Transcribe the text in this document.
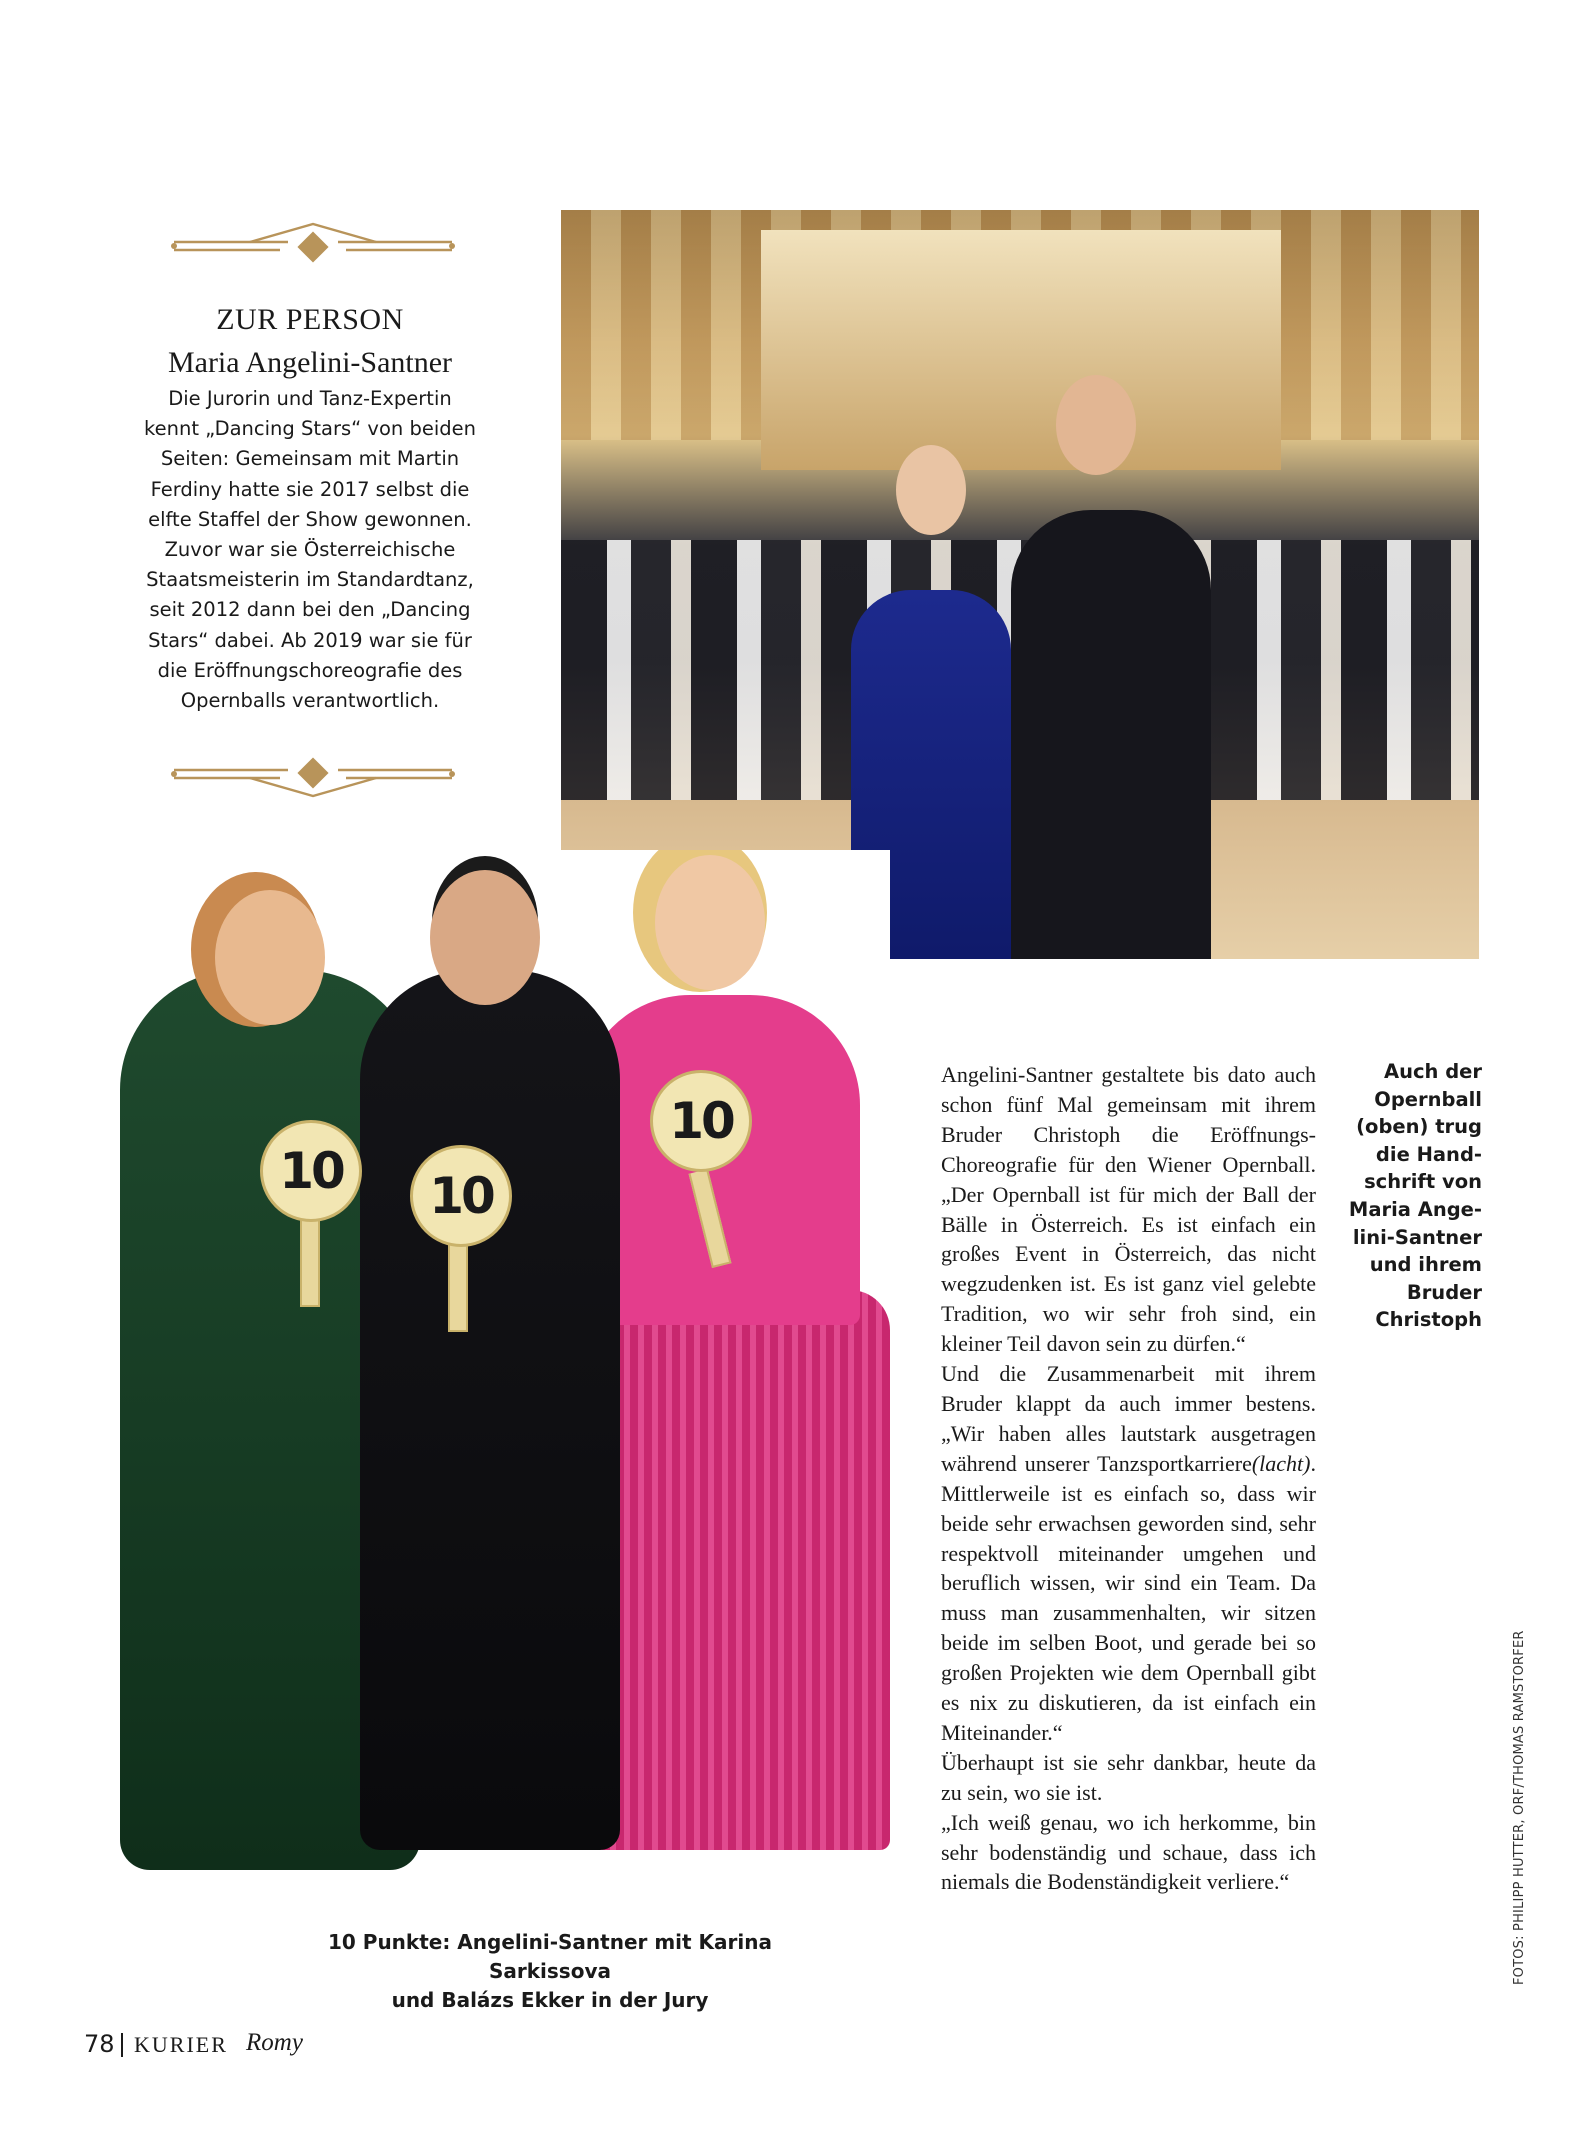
ZUR PERSON
Maria Angelini-Santner
Die Jurorin und Tanz-Expertin
kennt „Dancing Stars“ von beiden
Seiten: Gemeinsam mit Martin
Ferdiny hatte sie 2017 selbst die
elfte Staffel der Show gewonnen.
Zuvor war sie Österreichische
Staatsmeisterin im Standardtanz,
seit 2012 dann bei den „Dancing
Stars“ dabei. Ab 2019 war sie für
die Eröffnungschoreografie des
Opernballs verantwortlich.
10	10
10
10 Punkte: Angelini-Santner mit Karina Sarkissova
und Balázs Ekker in der Jury
Auch der
Opernball
(oben) trug
die Hand-
schrift von
Maria Ange-
lini-Santner
und ihrem
Bruder
Christoph

Angelini-Santner gestaltete bis dato auch schon fünf Mal gemeinsam mit ihrem Bruder Christoph die Eröffnungs-Choreografie für den Wiener Opernball. „Der Opernball ist für mich der Ball der Bälle in Österreich. Es ist einfach ein großes Event in Österreich, das nicht wegzudenken ist. Es ist ganz viel gelebte Tradition, wo wir sehr froh sind, ein kleiner Teil davon sein zu dürfen.“

Und die Zusammenarbeit mit ihrem Bruder klappt da auch immer bestens. „Wir haben alles lautstark ausgetragen während unserer Tanzsportkarriere(lacht). Mittlerweile ist es einfach so, dass wir beide sehr erwachsen geworden sind, sehr respektvoll miteinander umgehen und beruflich wissen, wir sind ein Team. Da muss man zusammenhalten, wir sitzen beide im selben Boot, und gerade bei so großen Projekten wie dem Opernball gibt es nix zu diskutieren, da ist einfach ein Miteinander.“

Überhaupt ist sie sehr dankbar, heute da zu sein, wo sie ist.

„Ich weiß genau, wo ich herkomme, bin sehr bodenständig und schaue, dass ich niemals die Bodenständigkeit verliere.“	FOTOS: PHILIPP HUTTER, ORF/THOMAS RAMSTORFER
78 KURIER Romy
